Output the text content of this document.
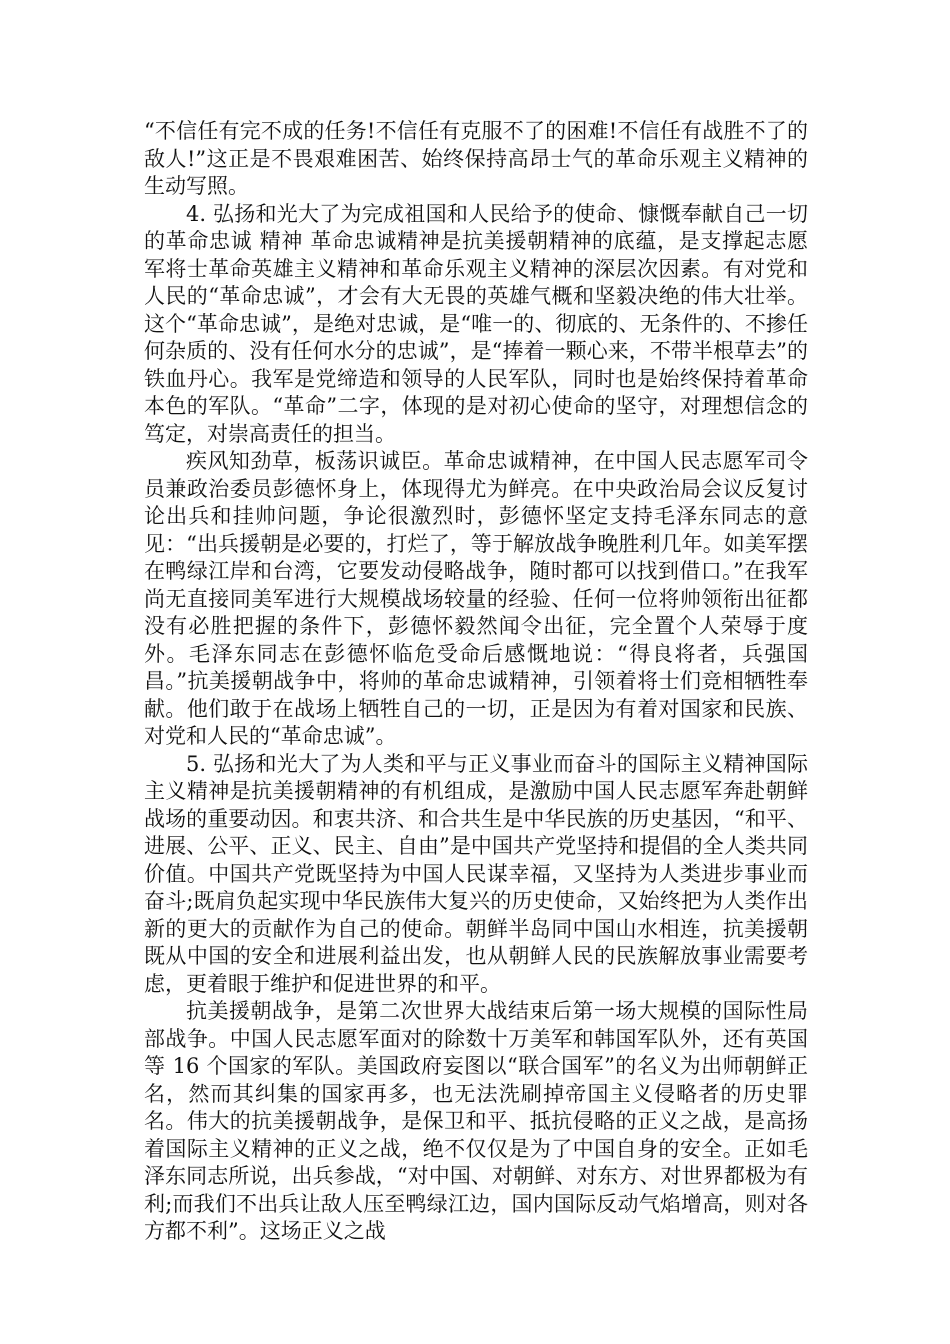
“不信任有完不成的任务!不信任有克服不了的困难!不信任有战胜不了的敌人!”这正是不畏艰难困苦、始终保持高昂士气的革命乐观主义精神的生动写照。

4. 弘扬和光大了为完成祖国和人民给予的使命、慷慨奉献自己一切的革命忠诚 精神 革命忠诚精神是抗美援朝精神的底蕴，是支撑起志愿军将士革命英雄主义精神和革命乐观主义精神的深层次因素。有对党和人民的“革命忠诚”，才会有大无畏的英雄气概和坚毅决绝的伟大壮举。这个“革命忠诚”，是绝对忠诚，是“唯一的、彻底的、无条件的、不掺任何杂质的、没有任何水分的忠诚”，是“捧着一颗心来，不带半根草去”的铁血丹心。我军是党缔造和领导的人民军队，同时也是始终保持着革命本色的军队。“革命”二字，体现的是对初心使命的坚守，对理想信念的笃定，对崇高责任的担当。

疾风知劲草，板荡识诚臣。革命忠诚精神，在中国人民志愿军司令员兼政治委员彭德怀身上，体现得尤为鲜亮。在中央政治局会议反复讨论出兵和挂帅问题，争论很激烈时，彭德怀坚定支持毛泽东同志的意见：“出兵援朝是必要的，打烂了，等于解放战争晚胜利几年。如美军摆在鸭绿江岸和台湾，它要发动侵略战争，随时都可以找到借口。”在我军尚无直接同美军进行大规模战场较量的经验、任何一位将帅领衔出征都没有必胜把握的条件下，彭德怀毅然闻令出征，完全置个人荣辱于度外。毛泽东同志在彭德怀临危受命后感慨地说：“得良将者，兵强国昌。”抗美援朝战争中，将帅的革命忠诚精神，引领着将士们竞相牺牲奉献。他们敢于在战场上牺牲自己的一切，正是因为有着对国家和民族、对党和人民的“革命忠诚”。

5. 弘扬和光大了为人类和平与正义事业而奋斗的国际主义精神国际主义精神是抗美援朝精神的有机组成，是激励中国人民志愿军奔赴朝鲜战场的重要动因。和衷共济、和合共生是中华民族的历史基因，“和平、进展、公平、正义、民主、自由”是中国共产党坚持和提倡的全人类共同价值。中国共产党既坚持为中国人民谋幸福，又坚持为人类进步事业而奋斗;既肩负起实现中华民族伟大复兴的历史使命，又始终把为人类作出新的更大的贡献作为自己的使命。朝鲜半岛同中国山水相连，抗美援朝既从中国的安全和进展利益出发，也从朝鲜人民的民族解放事业需要考虑，更着眼于维护和促进世界的和平。

抗美援朝战争，是第二次世界大战结束后第一场大规模的国际性局部战争。中国人民志愿军面对的除数十万美军和韩国军队外，还有英国等 16 个国家的军队。美国政府妄图以“联合国军”的名义为出师朝鲜正名，然而其纠集的国家再多，也无法洗刷掉帝国主义侵略者的历史罪名。伟大的抗美援朝战争，是保卫和平、抵抗侵略的正义之战，是高扬着国际主义精神的正义之战，绝不仅仅是为了中国自身的安全。正如毛泽东同志所说，出兵参战，“对中国、对朝鲜、对东方、对世界都极为有利;而我们不出兵让敌人压至鸭绿江边，国内国际反动气焰增高，则对各方都不利”。这场正义之战
